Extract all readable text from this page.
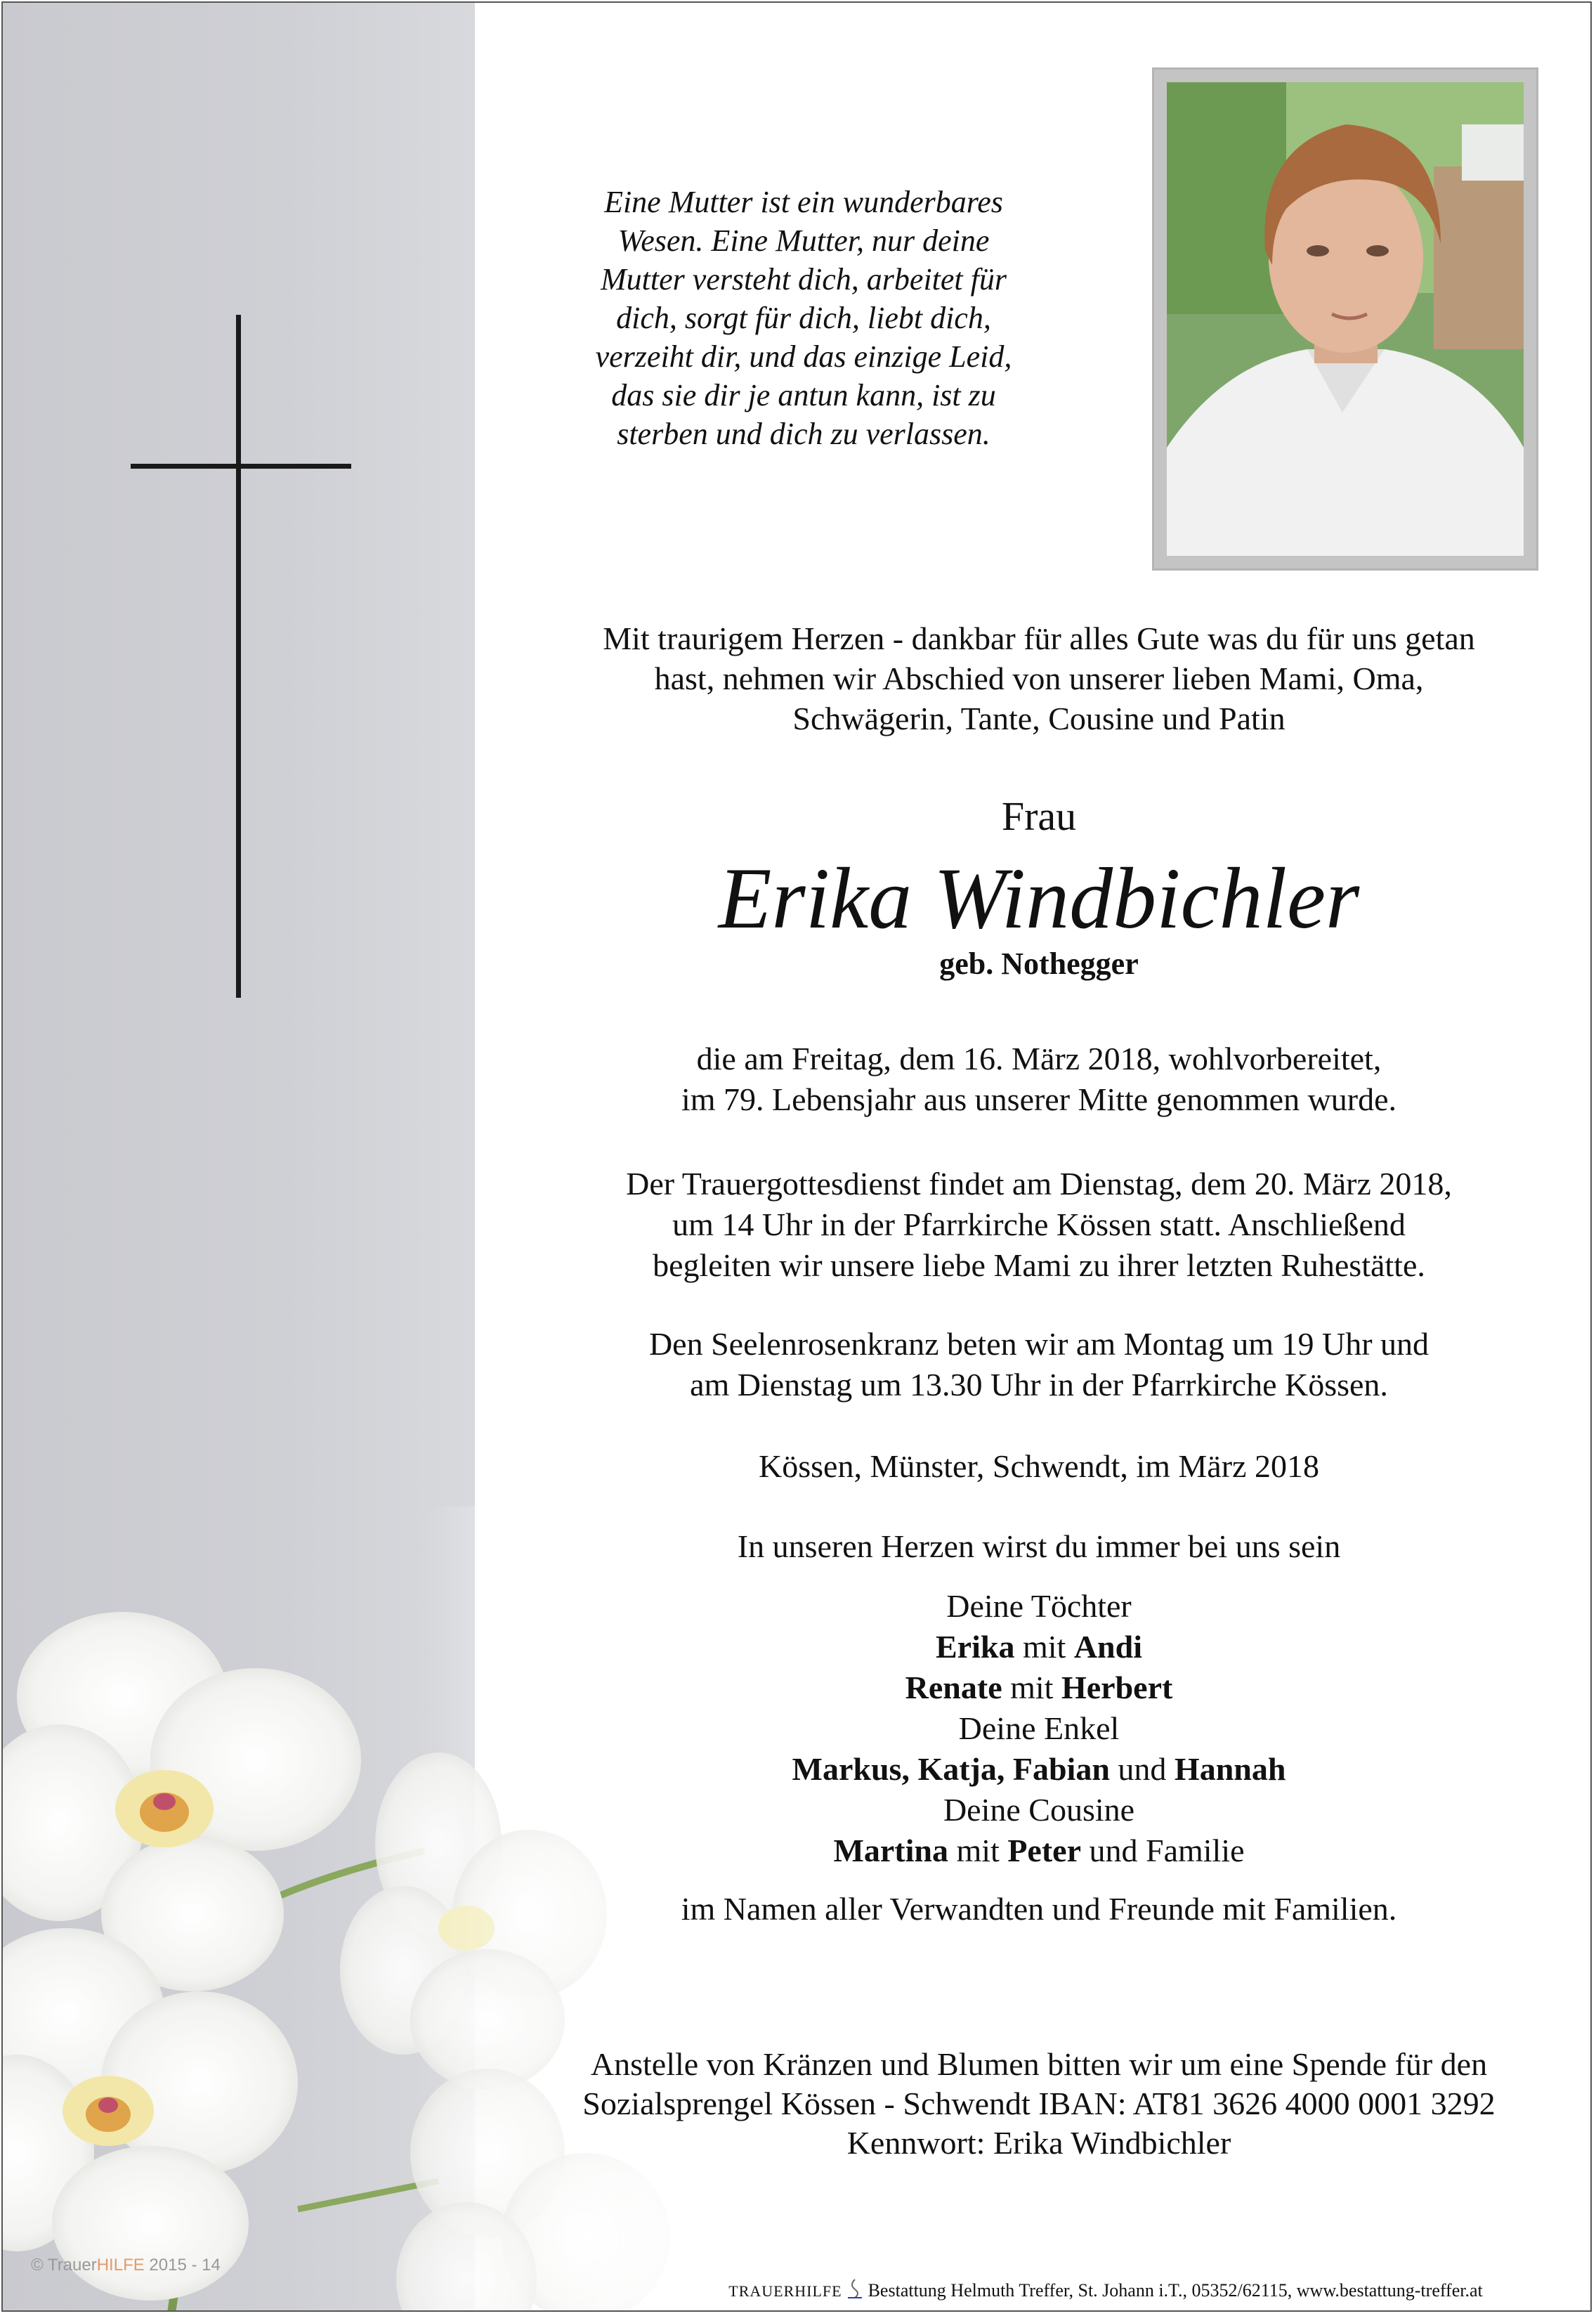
© TrauerHILFE 2015 - 14
Eine Mutter ist ein wunderbares
Wesen. Eine Mutter, nur deine
Mutter versteht dich, arbeitet für
dich, sorgt für dich, liebt dich,
verzeiht dir, und das einzige Leid,
das sie dir je antun kann, ist zu
sterben und dich zu verlassen.
Mit traurigem Herzen - dankbar für alles Gute was du für uns getan
hast, nehmen wir Abschied von unserer lieben Mami, Oma,
Schwägerin, Tante, Cousine und Patin
Frau
Erika Windbichler
geb. Nothegger
die am Freitag, dem 16. März 2018, wohlvorbereitet,
im 79. Lebensjahr aus unserer Mitte genommen wurde.
Der Trauergottesdienst findet am Dienstag, dem 20. März 2018,
um 14 Uhr in der Pfarrkirche Kössen statt. Anschließend
begleiten wir unsere liebe Mami zu ihrer letzten Ruhestätte.
Den Seelenrosenkranz beten wir am Montag um 19 Uhr und
am Dienstag um 13.30 Uhr in der Pfarrkirche Kössen.
Kössen, Münster, Schwendt, im März 2018
In unseren Herzen wirst du immer bei uns sein
Deine Töchter
Erika mit Andi
Renate mit Herbert
Deine Enkel
Markus, Katja, Fabian und Hannah
Deine Cousine
Martina mit Peter und Familie
im Namen aller Verwandten und Freunde mit Familien.
Anstelle von Kränzen und Blumen bitten wir um eine Spende für den
Sozialsprengel Kössen - Schwendt IBAN: AT81 3626 4000 0001 3292
Kennwort: Erika Windbichler
TRAUERHILFE Bestattung Helmuth Treffer, St. Johann i.T., 05352/62115, www.bestattung-treffer.at
